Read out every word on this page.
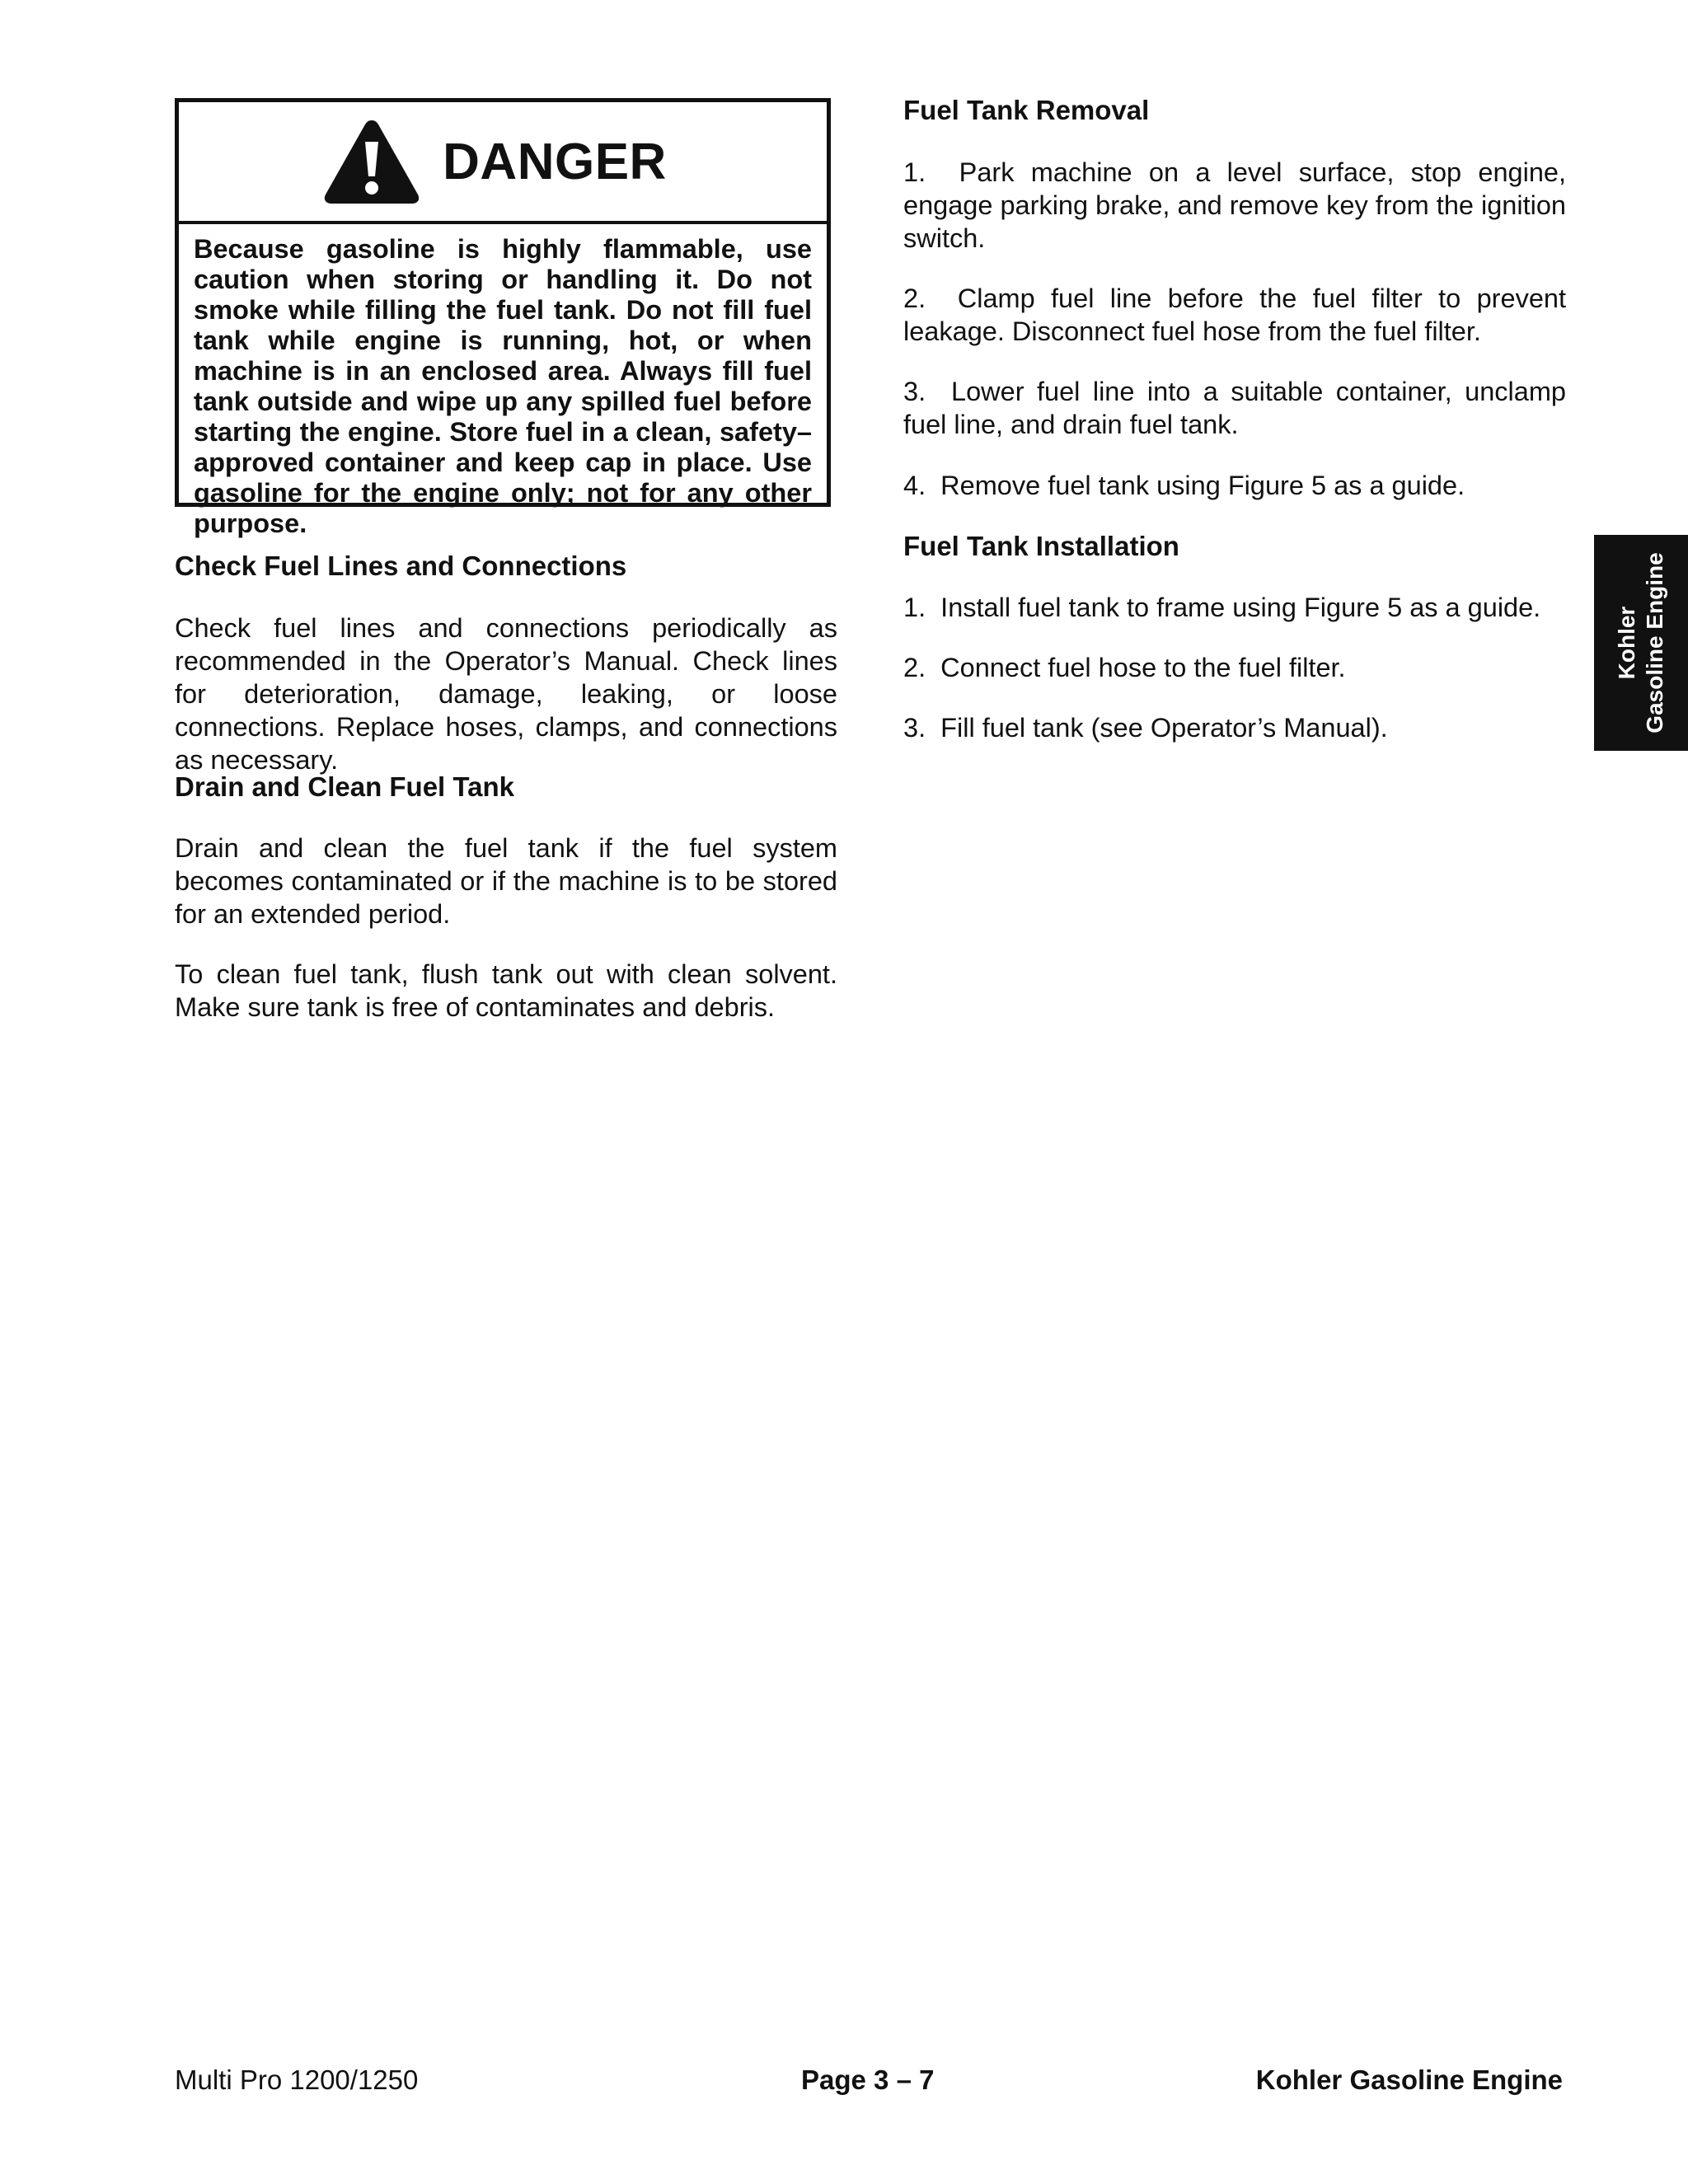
DANGER
Because gasoline is highly flammable, use caution when storing or handling it. Do not smoke while filling the fuel tank. Do not fill fuel tank while engine is running, hot, or when machine is in an enclosed area. Always fill fuel tank outside and wipe up any spilled fuel before starting the engine. Store fuel in a clean, safety–approved container and keep cap in place. Use gasoline for the engine only; not for any other purpose.
Check Fuel Lines and Connections
Check fuel lines and connections periodically as recommended in the Operator’s Manual. Check lines for deterioration, damage, leaking, or loose connections. Replace hoses, clamps, and connections as necessary.
Drain and Clean Fuel Tank
Drain and clean the fuel tank if the fuel system becomes contaminated or if the machine is to be stored for an extended period.
To clean fuel tank, flush tank out with clean solvent. Make sure tank is free of contaminates and debris.
Fuel Tank Removal
1. Park machine on a level surface, stop engine, engage parking brake, and remove key from the ignition switch.
2. Clamp fuel line before the fuel filter to prevent leakage. Disconnect fuel hose from the fuel filter.
3. Lower fuel line into a suitable container, unclamp fuel line, and drain fuel tank.
4. Remove fuel tank using Figure 5 as a guide.
Fuel Tank Installation
1. Install fuel tank to frame using Figure 5 as a guide.
2. Connect fuel hose to the fuel filter.
3. Fill fuel tank (see Operator’s Manual).
Kohler Gasoline Engine
Multi Pro 1200/1250	Page 3 – 7	Kohler Gasoline Engine
